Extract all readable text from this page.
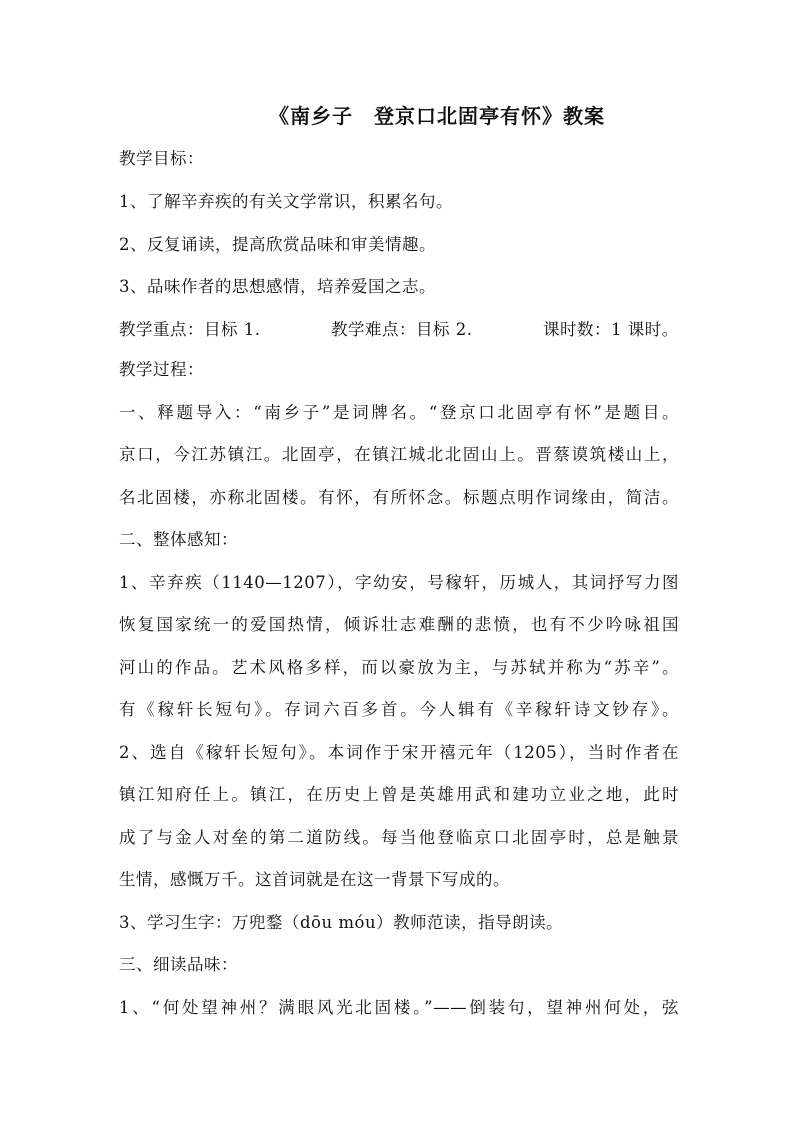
《南乡子　登京口北固亭有怀》教案
教学目标：
1、了解辛弃疾的有关文学常识，积累名句。
2、反复诵读，提高欣赏品味和审美情趣。
3、品味作者的思想感情，培养爱国之志。
教学重点：目标 1.	教学难点：目标 2.	课时数：1 课时。
教学过程：
一、释题导入：“南乡子”是词牌名。“登京口北固亭有怀”是题目。
京口，今江苏镇江。北固亭，在镇江城北北固山上。晋蔡谟筑楼山上，
名北固楼，亦称北固楼。有怀，有所怀念。标题点明作词缘由，简洁。
二、整体感知：
1、辛弃疾（1140—1207），字幼安，号稼轩，历城人，其词抒写力图
恢复国家统一的爱国热情，倾诉壮志难酬的悲愤，也有不少吟咏祖国
河山的作品。艺术风格多样，而以豪放为主，与苏轼并称为“苏辛”。
有《稼轩长短句》。存词六百多首。今人辑有《辛稼轩诗文钞存》。
2、选自《稼轩长短句》。本词作于宋开禧元年（1205），当时作者在
镇江知府任上。镇江，在历史上曾是英雄用武和建功立业之地，此时
成了与金人对垒的第二道防线。每当他登临京口北固亭时，总是触景
生情，感慨万千。这首词就是在这一背景下写成的。
3、学习生字：万兜鍪（dōu móu）教师范读，指导朗读。
三、细读品味：
1、“何处望神州？满眼风光北固楼。”——倒装句，望神州何处，弦
